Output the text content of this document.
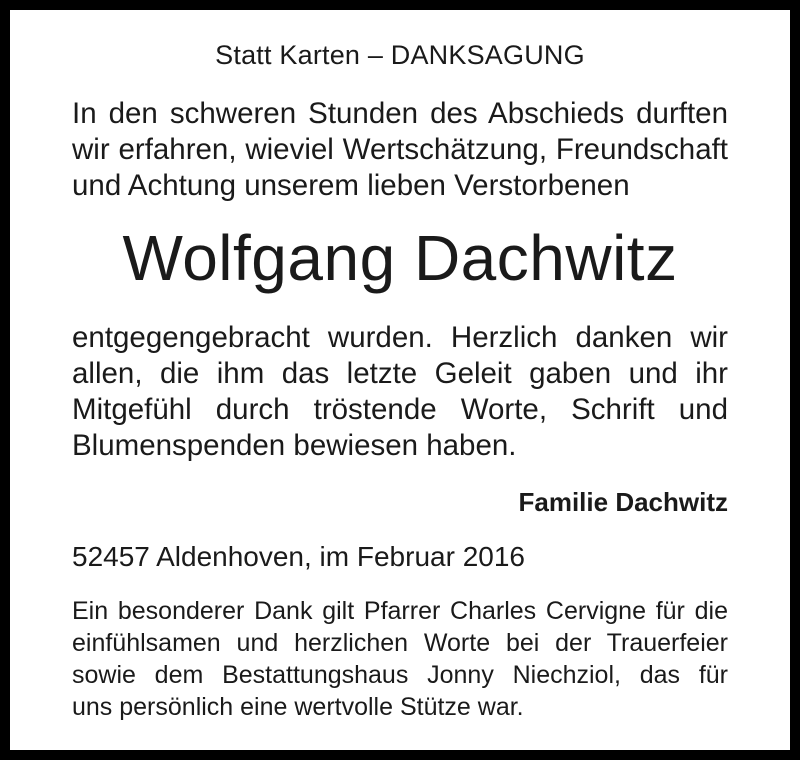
Statt Karten – DANKSAGUNG
In den schweren Stunden des Abschieds durften
wir erfahren, wieviel Wertschätzung, Freundschaft
und Achtung unserem lieben Verstorbenen
Wolfgang Dachwitz
entgegengebracht wurden. Herzlich danken wir
allen, die ihm das letzte Geleit gaben und ihr
Mitgefühl durch tröstende Worte, Schrift und
Blumenspenden bewiesen haben.
Familie Dachwitz
52457 Aldenhoven, im Februar 2016
Ein besonderer Dank gilt Pfarrer Charles Cervigne für die
einfühlsamen und herzlichen Worte bei der Trauerfeier
sowie dem Bestattungshaus Jonny Niechziol, das für
uns persönlich eine wertvolle Stütze war.
